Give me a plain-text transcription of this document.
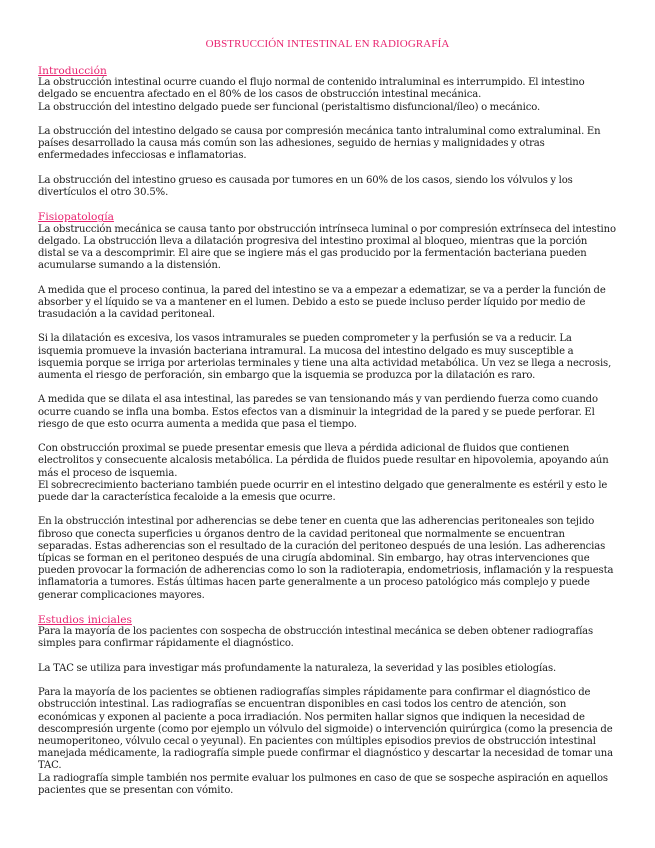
OBSTRUCCIÓN INTESTINAL EN RADIOGRAFÍA
Introducción

La obstrucción intestinal ocurre cuando el flujo normal de contenido intraluminal es interrumpido. El intestino delgado se encuentra afectado en el 80% de los casos de obstrucción intestinal mecánica.

La obstrucción del intestino delgado puede ser funcional (peristaltismo disfuncional/íleo) o mecánico.

La obstrucción del intestino delgado se causa por compresión mecánica tanto intraluminal como extraluminal. En países desarrollado la causa más común son las adhesiones, seguido de hernias y malignidades y otras enfermedades infecciosas e inflamatorias.

La obstrucción del intestino grueso es causada por tumores en un 60% de los casos, siendo los vólvulos y los divertículos el otro 30.5%.

Fisiopatología

La obstrucción mecánica se causa tanto por obstrucción intrínseca luminal o por compresión extrínseca del intestino delgado. La obstrucción lleva a dilatación progresiva del intestino proximal al bloqueo, mientras que la porción distal se va a descomprimir. El aire que se ingiere más el gas producido por la fermentación bacteriana pueden acumularse sumando a la distensión.

A medida que el proceso continua, la pared del intestino se va a empezar a edematizar, se va a perder la función de absorber y el líquido se va a mantener en el lumen. Debido a esto se puede incluso perder líquido por medio de trasudación a la cavidad peritoneal.

Si la dilatación es excesiva, los vasos intramurales se pueden comprometer y la perfusión se va a reducir. La isquemia promueve la invasión bacteriana intramural. La mucosa del intestino delgado es muy susceptible a isquemia porque se irriga por arteriolas terminales y tiene una alta actividad metabólica. Un vez se llega a necrosis, aumenta el riesgo de perforación, sin embargo que la isquemia se produzca por la dilatación es raro.

A medida que se dilata el asa intestinal, las paredes se van tensionando más y van perdiendo fuerza como cuando ocurre cuando se infla una bomba. Estos efectos van a disminuir la integridad de la pared y se puede perforar. El riesgo de que esto ocurra aumenta a medida que pasa el tiempo.

Con obstrucción proximal se puede presentar emesis que lleva a pérdida adicional de fluidos que contienen electrolitos y consecuente alcalosis metabólica. La pérdida de fluidos puede resultar en hipovolemia, apoyando aún más el proceso de isquemia.

El sobrecrecimiento bacteriano también puede ocurrir en el intestino delgado que generalmente es estéril y esto le puede dar la característica fecaloide a la emesis que ocurre.

En la obstrucción intestinal por adherencias se debe tener en cuenta que las adherencias peritoneales son tejido fibroso que conecta superficies u órganos dentro de la cavidad peritoneal que normalmente se encuentran separadas. Estas adherencias son el resultado de la curación del peritoneo después de una lesión. Las adherencias típicas se forman en el peritoneo después de una cirugía abdominal. Sin embargo, hay otras intervenciones que pueden provocar la formación de adherencias como lo son la radioterapia, endometriosis, inflamación y la respuesta inflamatoria a tumores. Estás últimas hacen parte generalmente a un proceso patológico más complejo y puede generar complicaciones mayores.

Estudios iniciales

Para la mayoría de los pacientes con sospecha de obstrucción intestinal mecánica se deben obtener radiografías simples para confirmar rápidamente el diagnóstico.

La TAC se utiliza para investigar más profundamente la naturaleza, la severidad y las posibles etiologías.

Para la mayoría de los pacientes se obtienen radiografías simples rápidamente para confirmar el diagnóstico de obstrucción intestinal. Las radiografías se encuentran disponibles en casi todos los centro de atención, son económicas y exponen al paciente a poca irradiación. Nos permiten hallar signos que indiquen la necesidad de descompresión urgente (como por ejemplo un vólvulo del sigmoide) o intervención quirúrgica (como la presencia de neumoperitoneo, vólvulo cecal o yeyunal). En pacientes con múltiples episodios previos de obstrucción intestinal manejada médicamente, la radiografía simple puede confirmar el diagnóstico y descartar la necesidad de tomar una TAC.

La radiografía simple también nos permite evaluar los pulmones en caso de que se sospeche aspiración en aquellos pacientes que se presentan con vómito.
